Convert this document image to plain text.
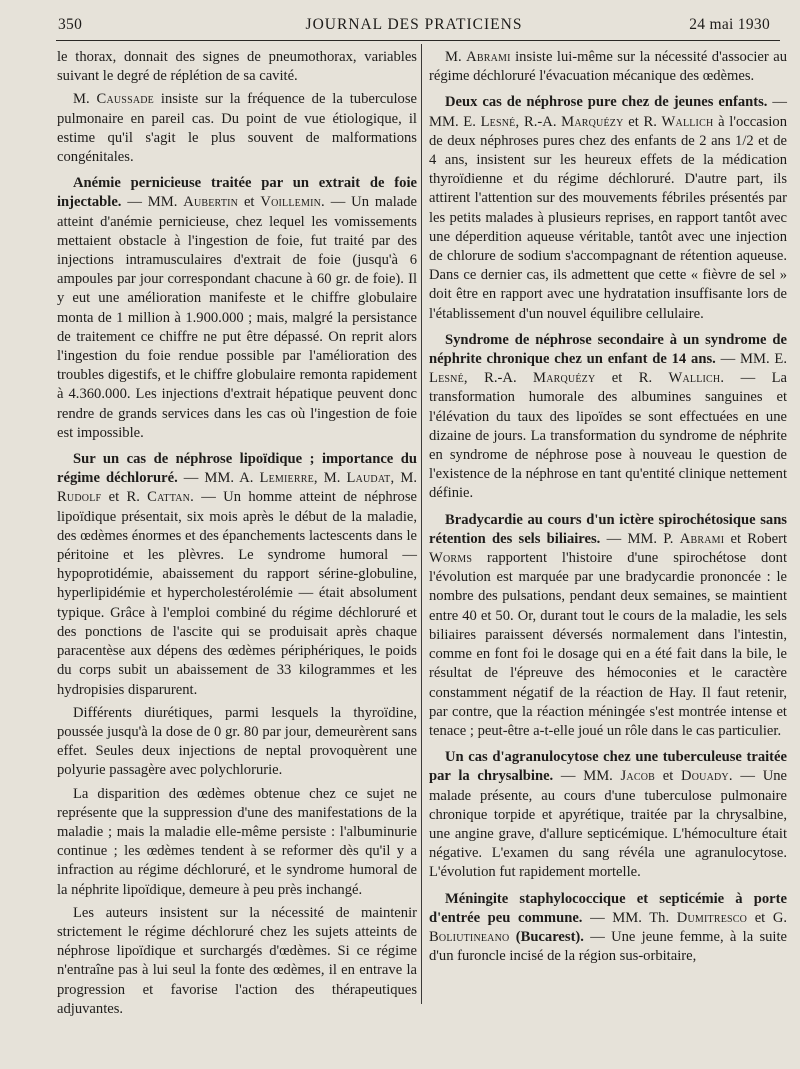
350	JOURNAL DES PRATICIENS	24 mai 1930

le thorax, donnait des signes de pneumothorax, variables suivant le degré de réplétion de sa cavité.

M. Caussade insiste sur la fréquence de la tuberculose pulmonaire en pareil cas. Du point de vue étiologique, il estime qu'il s'agit le plus souvent de malformations congénitales.

Anémie pernicieuse traitée par un extrait de foie injectable. — MM. Aubertin et Voillemin. — Un malade atteint d'anémie pernicieuse, chez lequel les vomissements mettaient obstacle à l'ingestion de foie, fut traité par des injections intramusculaires d'extrait de foie (jusqu'à 6 ampoules par jour correspondant chacune à 60 gr. de foie). Il y eut une amélioration manifeste et le chiffre globulaire monta de 1 million à 1.900.000 ; mais, malgré la persistance de traitement ce chiffre ne put être dépassé. On reprit alors l'ingestion du foie rendue possible par l'amélioration des troubles digestifs, et le chiffre globulaire remonta rapidement à 4.360.000. Les injections d'extrait hépatique peuvent donc rendre de grands services dans les cas où l'ingestion de foie est impossible.

Sur un cas de néphrose lipoïdique ; importance du régime déchloruré. — MM. A. Lemierre, M. Laudat, M. Rudolf et R. Cattan. — Un homme atteint de néphrose lipoïdique présentait, six mois après le début de la maladie, des œdèmes énormes et des épanchements lactescents dans le péritoine et les plèvres. Le syndrome humoral — hypoprotidémie, abaissement du rapport sérine-globuline, hyperlipidémie et hypercholestérolémie — était absolument typique. Grâce à l'emploi combiné du régime déchloruré et des ponctions de l'ascite qui se produisait après chaque paracentèse aux dépens des œdèmes périphériques, le poids du corps subit un abaissement de 33 kilogrammes et les hydropisies disparurent.

Différents diurétiques, parmi lesquels la thyroïdine, poussée jusqu'à la dose de 0 gr. 80 par jour, demeurèrent sans effet. Seules deux injections de neptal provoquèrent une polyurie passagère avec polychlorurie.

La disparition des œdèmes obtenue chez ce sujet ne représente que la suppression d'une des manifestations de la maladie ; mais la maladie elle-même persiste : l'albuminurie continue ; les œdèmes tendent à se reformer dès qu'il y a infraction au régime déchloruré, et le syndrome humoral de la néphrite lipoïdique, demeure à peu près inchangé.

Les auteurs insistent sur la nécessité de maintenir strictement le régime déchloruré chez les sujets atteints de néphrose lipoïdique et surchargés d'œdèmes. Si ce régime n'entraîne pas à lui seul la fonte des œdèmes, il en entrave la progression et favorise l'action des thérapeutiques adjuvantes.

M. Abrami insiste lui-même sur la nécessité d'associer au régime déchloruré l'évacuation mécanique des œdèmes.

Deux cas de néphrose pure chez de jeunes enfants. — MM. E. Lesné, R.-A. Marquézy et R. Wallich à l'occasion de deux néphroses pures chez des enfants de 2 ans 1/2 et de 4 ans, insistent sur les heureux effets de la médication thyroïdienne et du régime déchloruré. D'autre part, ils attirent l'attention sur des mouvements fébriles présentés par les petits malades à plusieurs reprises, en rapport tantôt avec une déperdition aqueuse véritable, tantôt avec une injection de chlorure de sodium s'accompagnant de rétention aqueuse. Dans ce dernier cas, ils admettent que cette « fièvre de sel » doit être en rapport avec une hydratation insuffisante lors de l'établissement d'un nouvel équilibre cellulaire.

Syndrome de néphrose secondaire à un syndrome de néphrite chronique chez un enfant de 14 ans. — MM. E. Lesné, R.-A. Marquézy et R. Wallich. — La transformation humorale des albumines sanguines et l'élévation du taux des lipoïdes se sont effectuées en une dizaine de jours. La transformation du syndrome de néphrite en syndrome de néphrose pose à nouveau le question de l'existence de la néphrose en tant qu'entité clinique nettement définie.

Bradycardie au cours d'un ictère spirochétosique sans rétention des sels biliaires. — MM. P. Abrami et Robert Worms rapportent l'histoire d'une spirochétose dont l'évolution est marquée par une bradycardie prononcée : le nombre des pulsations, pendant deux semaines, se maintient entre 40 et 50. Or, durant tout le cours de la maladie, les sels biliaires paraissent déversés normalement dans l'intestin, comme en font foi le dosage qui en a été fait dans la bile, le résultat de l'épreuve des hémoconies et le caractère constamment négatif de la réaction de Hay. Il faut retenir, par contre, que la réaction méningée s'est montrée intense et tenace ; peut-être a-t-elle joué un rôle dans le cas particulier.

Un cas d'agranulocytose chez une tuberculeuse traitée par la chrysalbine. — MM. Jacob et Douady. — Une malade présente, au cours d'une tuberculose pulmonaire chronique torpide et apyrétique, traitée par la chrysalbine, une angine grave, d'allure septicémique. L'hémoculture était négative. L'examen du sang révéla une agranulocytose. L'évolution fut rapidement mortelle.

Méningite staphylococcique et septicémie à porte d'entrée peu commune. — MM. Th. Dumitresco et G. Boliutineano (Bucarest). — Une jeune femme, à la suite d'un furoncle incisé de la région sus-orbitaire,
